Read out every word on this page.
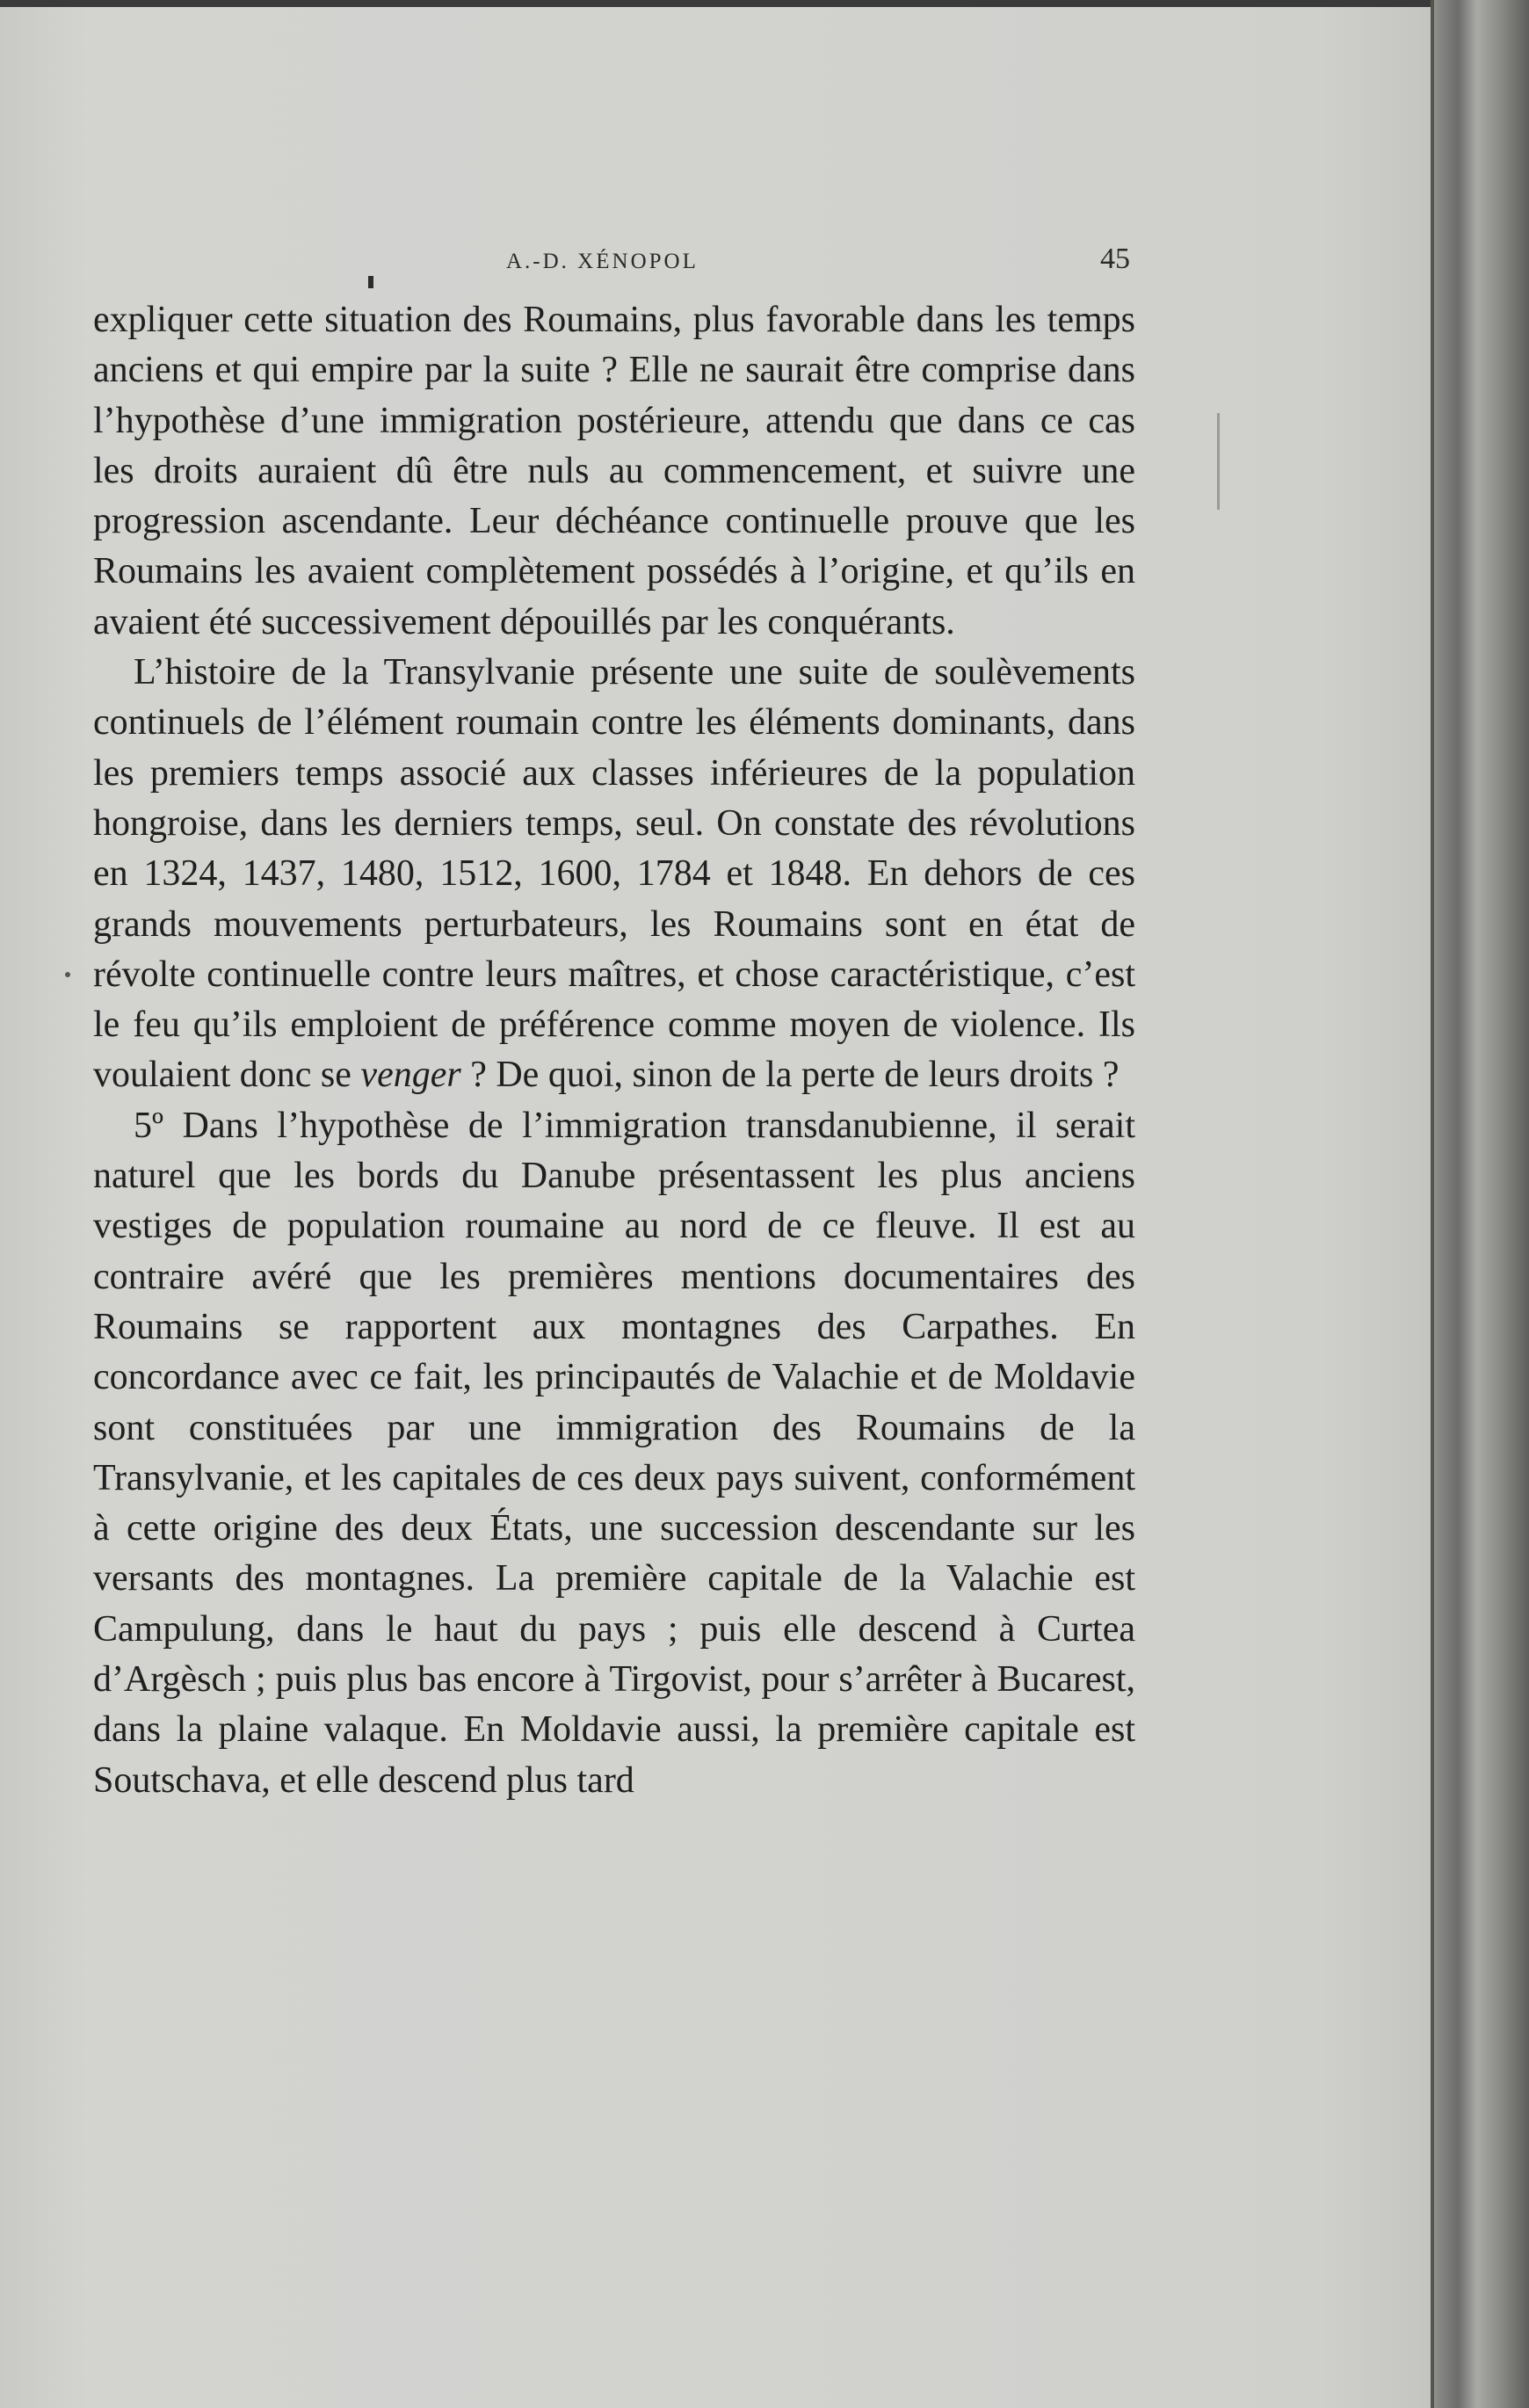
A.-D. XÉNOPOL	45

expliquer cette situation des Roumains, plus favorable dans les temps anciens et qui empire par la suite ? Elle ne saurait être comprise dans l’hypothèse d’une immigration postérieure, attendu que dans ce cas les droits auraient dû être nuls au commencement, et suivre une progression ascendante. Leur déchéance continuelle prouve que les Roumains les avaient complètement possédés à l’origine, et qu’ils en avaient été successivement dépouillés par les conquérants.

L’histoire de la Transylvanie présente une suite de soulèvements continuels de l’élément roumain contre les éléments dominants, dans les premiers temps associé aux classes inférieures de la population hongroise, dans les derniers temps, seul. On constate des révolutions en 1324, 1437, 1480, 1512, 1600, 1784 et 1848. En dehors de ces grands mouvements perturbateurs, les Roumains sont en état de révolte continuelle contre leurs maîtres, et chose caractéristique, c’est le feu qu’ils emploient de préférence comme moyen de violence. Ils voulaient donc se venger ? De quoi, sinon de la perte de leurs droits ?

5º Dans l’hypothèse de l’immigration transdanubienne, il serait naturel que les bords du Danube présentassent les plus anciens vestiges de population roumaine au nord de ce fleuve. Il est au contraire avéré que les premières mentions documentaires des Roumains se rapportent aux montagnes des Carpathes. En concordance avec ce fait, les principautés de Valachie et de Moldavie sont constituées par une immigration des Roumains de la Transylvanie, et les capitales de ces deux pays suivent, conformément à cette origine des deux États, une succession descendante sur les versants des montagnes. La première capitale de la Valachie est Campulung, dans le haut du pays ; puis elle descend à Curtea d’Argèsch ; puis plus bas encore à Tirgovist, pour s’arrêter à Bucarest, dans la plaine valaque. En Moldavie aussi, la première capitale est Soutschava, et elle descend plus tard
